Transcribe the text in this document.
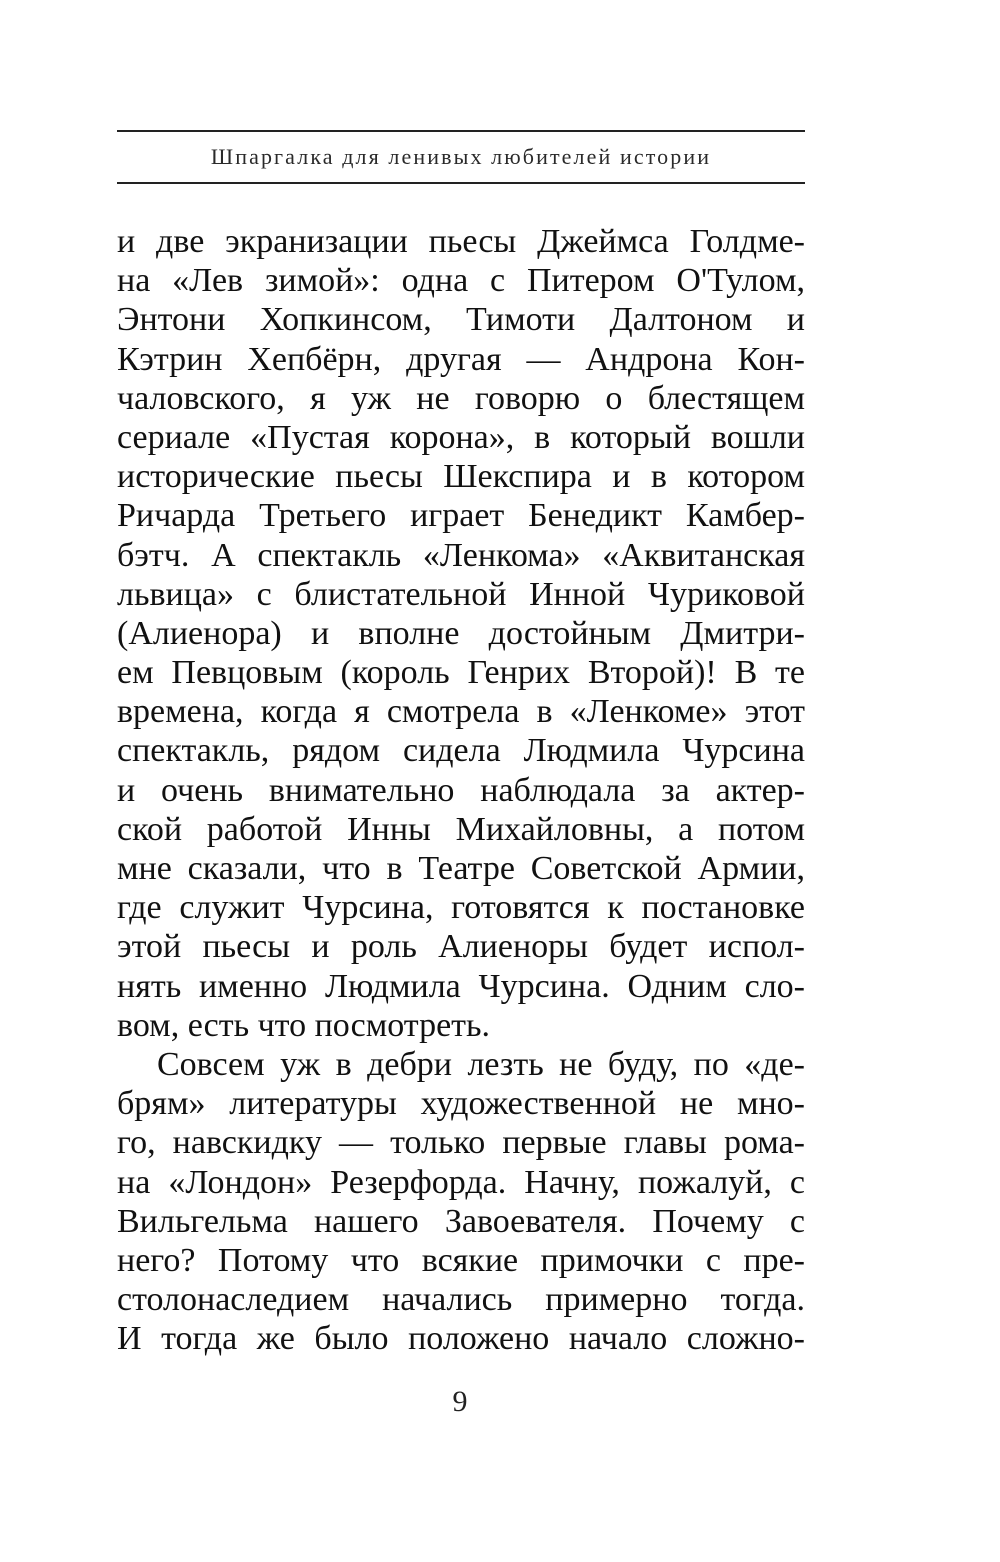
Шпаргалка для ленивых любителей истории
и две экранизации пьесы Джеймса Голдме-
на «Лев зимой»: одна с Питером О'Тулом,
Энтони Хопкинсом, Тимоти Далтоном и
Кэтрин Хепбёрн, другая — Андрона Кон-
чаловского, я уж не говорю о блестящем
сериале «Пустая корона», в который вошли
исторические пьесы Шекспира и в котором
Ричарда Третьего играет Бенедикт Камбер-
бэтч. А спектакль «Ленкома» «Аквитанская
львица» с блистательной Инной Чуриковой
(Алиенора) и вполне достойным Дмитри-
ем Певцовым (король Генрих Второй)! В те
времена, когда я смотрела в «Ленкоме» этот
спектакль, рядом сидела Людмила Чурсина
и очень внимательно наблюдала за актер-
ской работой Инны Михайловны, а потом
мне сказали, что в Театре Советской Армии,
где служит Чурсина, готовятся к постановке
этой пьесы и роль Алиеноры будет испол-
нять именно Людмила Чурсина. Одним сло-
вом, есть что посмотреть.
Совсем уж в дебри лезть не буду, по «де-
брям» литературы художественной не мно-
го, навскидку — только первые главы рома-
на «Лондон» Резерфорда. Начну, пожалуй, с
Вильгельма нашего Завоевателя. Почему с
него? Потому что всякие примочки с пре-
столонаследием начались примерно тогда.
И тогда же было положено начало сложно-
9
